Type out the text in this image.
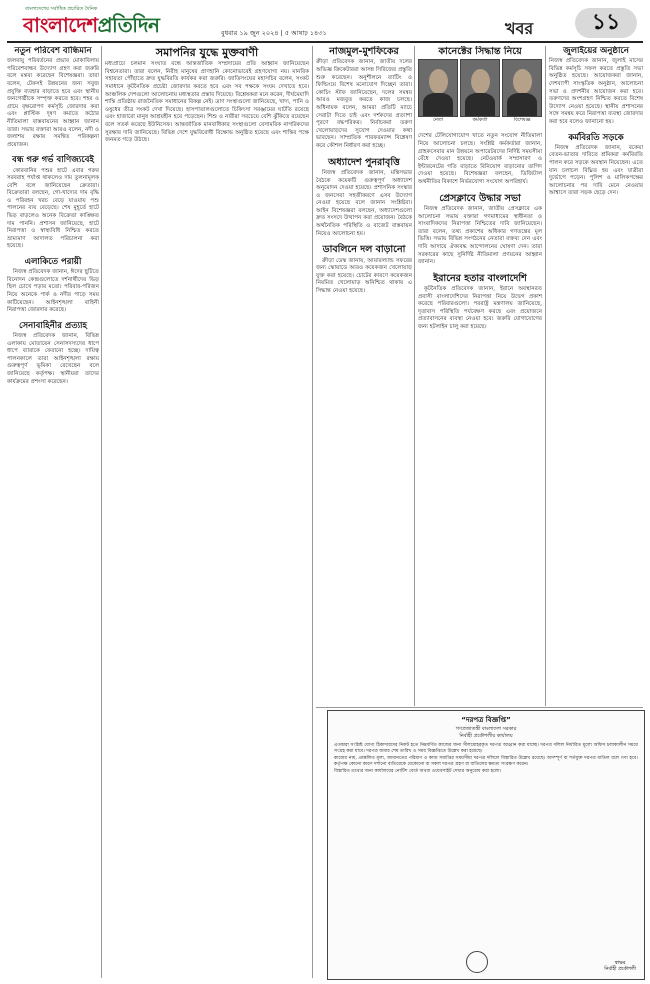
বাংলাদেশের সর্বাধিক প্রচারিত দৈনিক
বাংলাদেশপ্রতিদিন	বুধবার ১৯ জুন ২০২৪ | ৫ আষাঢ় ১৪৩১	খবর	১১
নতুন পরিবেশ বান্ধিমান

জলবায়ু পরিবর্তনের প্রভাব মোকাবিলায় পরিবেশবান্ধব উদ্যোগ গ্রহণ করা জরুরি বলে মন্তব্য করেছেন বিশেষজ্ঞরা। তারা বলেন, টেকসই উন্নয়নের জন্য সবুজ প্রযুক্তি ব্যবহার বাড়াতে হবে এবং স্থানীয় জনগোষ্ঠীকে সম্পৃক্ত করতে হবে। শহর ও গ্রামে বৃক্ষরোপণ কর্মসূচি জোরদার করা এবং প্লাস্টিক দূষণ কমাতে কঠোর নীতিমালা বাস্তবায়নের আহ্বান জানান তারা। সভায় বক্তারা আরও বলেন, নদী ও জলাশয় রক্ষায় সমন্বিত পরিকল্পনা প্রয়োজন।

বন্ধ গরু গর্ভ বাণিজ্যবেই

কোরবানির পশুর হাটে এবার গরুর সরবরাহ পর্যাপ্ত থাকলেও দাম তুলনামূলক বেশি বলে জানিয়েছেন ক্রেতারা। বিক্রেতারা বলছেন, গো-খাদ্যের দাম বৃদ্ধি ও পরিবহন খরচ বেড়ে যাওয়ায় পশু পালনের ব্যয় বেড়েছে। শেষ মুহূর্তে হাটে ভিড় বাড়লেও অনেক বিক্রেতা কাঙ্ক্ষিত দাম পাননি। প্রশাসন জানিয়েছে, হাটে নিরাপত্তা ও স্বাস্থ্যবিধি নিশ্চিত করতে ভ্রাম্যমাণ আদালত পরিচালনা করা হয়েছে।

এলাকিতে পরায়ী

নিজস্ব প্রতিবেদক জানান, ঈদের ছুটিতে বিনোদন কেন্দ্রগুলোতে দর্শনার্থীদের ভিড় ছিল চোখে পড়ার মতো। পরিবার-পরিজন নিয়ে অনেকে পার্ক ও নদীর পাড়ে সময় কাটিয়েছেন। আইনশৃঙ্খলা বাহিনী নিরাপত্তা জোরদার করেছে।

সেনাবাহিনীর প্রত্যাহ

নিজস্ব প্রতিবেদক জানান, বিভিন্ন এলাকায় মোতায়েন সেনাসদস্যদের ধাপে ধাপে ব্যারাকে ফেরানো হচ্ছে। দায়িত্ব পালনকালে তারা আইনশৃঙ্খলা রক্ষায় গুরুত্বপূর্ণ ভূমিকা রেখেছেন বলে জানিয়েছে কর্তৃপক্ষ। স্থানীয়রা তাদের কার্যক্রমের প্রশংসা করেছেন।

সমাপনির যুদ্ধে মুক্তবাণী

মধ্যপ্রাচ্যে চলমান সংঘাত বন্ধে আন্তর্জাতিক সম্প্রদায়ের প্রতি আহ্বান জানিয়েছেন বিশ্বনেতারা। তারা বলেন, নিরীহ মানুষের প্রাণহানি কোনোভাবেই গ্রহণযোগ্য নয়। মানবিক সহায়তা পৌঁছাতে দ্রুত যুদ্ধবিরতি কার্যকর করা জরুরি। জাতিসংঘের মহাসচিব বলেন, সংকট সমাধানে কূটনৈতিক প্রচেষ্টা জোরদার করতে হবে এবং সব পক্ষকে সংযম দেখাতে হবে। আঞ্চলিক দেশগুলো আলোচনায় মধ্যস্থতার প্রস্তাব দিয়েছে। বিশ্লেষকরা মনে করেন, দীর্ঘমেয়াদি শান্তি প্রতিষ্ঠায় রাজনৈতিক সমাধানের বিকল্প নেই। ত্রাণ সংস্থাগুলো জানিয়েছে, খাদ্য, পানি ও ওষুধের তীব্র সংকট দেখা দিয়েছে। হাসপাতালগুলোতে চিকিৎসা সরঞ্জামের ঘাটতি রয়েছে এবং হাজারো মানুষ আশ্রয়হীন হয়ে পড়েছেন। শিশু ও নারীরা সবচেয়ে বেশি ঝুঁকিতে রয়েছেন বলে সতর্ক করেছে ইউনিসেফ। আন্তর্জাতিক মানবাধিকার সংস্থাগুলো বেসামরিক নাগরিকদের সুরক্ষার দাবি জানিয়েছে। বিভিন্ন দেশে যুদ্ধবিরোধী বিক্ষোভ অনুষ্ঠিত হয়েছে এবং শান্তির পক্ষে জনমত গড়ে উঠছে।

নাজমুল-মুশফিকের

ক্রীড়া প্রতিবেদক জানান, জাতীয় দলের অভিজ্ঞ ক্রিকেটাররা আসন্ন সিরিজের প্রস্তুতি শুরু করেছেন। অনুশীলনে ব্যাটিং ও ফিল্ডিংয়ে বিশেষ মনোযোগ দিচ্ছেন তারা। কোচিং স্টাফ জানিয়েছেন, দলের সমন্বয় আরও মজবুত করতে কাজ চলছে। অধিনায়ক বলেন, আমরা প্রতিটি ম্যাচে সেরাটা দিতে চাই এবং দর্শকদের প্রত্যাশা পূরণে বদ্ধপরিকর। নির্বাচকরা তরুণ খেলোয়াড়দের সুযোগ দেওয়ার কথা ভাবছেন। সাম্প্রতিক পারফরম্যান্স বিশ্লেষণ করে কৌশল নির্ধারণ করা হচ্ছে।

অধ্যাদেশ পুনরাবৃত্তি

নিজস্ব প্রতিবেদক জানান, মন্ত্রিসভার বৈঠকে কয়েকটি গুরুত্বপূর্ণ অধ্যাদেশ অনুমোদন দেওয়া হয়েছে। প্রশাসনিক সংস্কার ও জনসেবা সহজীকরণে এসব উদ্যোগ নেওয়া হয়েছে বলে জানান সংশ্লিষ্টরা। আইন বিশেষজ্ঞরা বলছেন, অধ্যাদেশগুলো দ্রুত সংসদে উত্থাপন করা প্রয়োজন। বৈঠকে অর্থনৈতিক পরিস্থিতি ও বাজেট বাস্তবায়ন নিয়েও আলোচনা হয়।

ডাবলিনে দল বাড়ানো

ক্রীড়া ডেস্ক জানায়, আয়ারল্যান্ড সফরের জন্য স্কোয়াডে আরও কয়েকজন খেলোয়াড় যুক্ত করা হয়েছে। চোটের কারণে কয়েকজন নিয়মিত খেলোয়াড় অনিশ্চিত থাকায় এ সিদ্ধান্ত নেওয়া হয়েছে।

কানেক্টের সিদ্ধান্ত নিয়ে
নেতা	কর্মকর্তা	বিশেষজ্ঞ

দেশের টেলিযোগাযোগ খাতে নতুন সংযোগ নীতিমালা নিয়ে আলোচনা চলছে। সংশ্লিষ্ট কর্মকর্তারা জানান, গ্রাহকসেবার মান উন্নয়নে অপারেটরদের নির্দিষ্ট সময়সীমা বেঁধে দেওয়া হয়েছে। নেটওয়ার্ক সম্প্রসারণ ও ইন্টারনেটের গতি বাড়াতে বিনিয়োগ বাড়ানোর তাগিদ দেওয়া হয়েছে। বিশেষজ্ঞরা বলছেন, ডিজিটাল অর্থনীতির বিকাশে নির্ভরযোগ্য সংযোগ অপরিহার্য।

প্রেসক্লাবে উদ্ধার সভা

নিজস্ব প্রতিবেদক জানান, জাতীয় প্রেসক্লাবে এক আলোচনা সভায় বক্তারা গণমাধ্যমের স্বাধীনতা ও সাংবাদিকদের নিরাপত্তা নিশ্চিতের দাবি জানিয়েছেন। তারা বলেন, তথ্য প্রকাশের অধিকার গণতন্ত্রের মূল ভিত্তি। সভায় বিভিন্ন সংগঠনের নেতারা বক্তব্য দেন এবং দাবি আদায়ে ঐক্যবদ্ধ আন্দোলনের ঘোষণা দেন। তারা সরকারের কাছে সুনির্দিষ্ট নীতিমালা প্রণয়নের আহ্বান জানান।

ইরানের হতার বাংলাদেশি

কূটনৈতিক প্রতিবেদক জানান, ইরানে অবস্থানরত প্রবাসী বাংলাদেশিদের নিরাপত্তা নিয়ে উদ্বেগ প্রকাশ করেছে পরিবারগুলো। পররাষ্ট্র মন্ত্রণালয় জানিয়েছে, দূতাবাস পরিস্থিতি পর্যবেক্ষণ করছে এবং প্রয়োজনে প্রত্যাবাসনের ব্যবস্থা নেওয়া হবে। জরুরি যোগাযোগের জন্য হটলাইন চালু করা হয়েছে।

জুলাইয়ের অনুষ্ঠানে

নিজস্ব প্রতিবেদক জানান, জুলাই মাসের বিভিন্ন কর্মসূচি সফল করতে প্রস্তুতি সভা অনুষ্ঠিত হয়েছে। আয়োজকরা জানান, দেশব্যাপী সাংস্কৃতিক অনুষ্ঠান, আলোচনা সভা ও প্রদর্শনীর আয়োজন করা হবে। তরুণদের অংশগ্রহণ নিশ্চিত করতে বিশেষ উদ্যোগ নেওয়া হয়েছে। স্থানীয় প্রশাসনের সঙ্গে সমন্বয় করে নিরাপত্তা ব্যবস্থা জোরদার করা হবে বলেও জানানো হয়।

কর্মবিরতি সড়কে

নিজস্ব প্রতিবেদক জানান, বকেয়া বেতন-ভাতার দাবিতে শ্রমিকরা কর্মবিরতি পালন করে সড়কে অবস্থান নিয়েছেন। এতে যান চলাচল বিঘ্নিত হয় এবং যাত্রীরা দুর্ভোগে পড়েন। পুলিশ ও মালিকপক্ষের আলোচনার পর দাবি মেনে নেওয়ার আশ্বাসে তারা সড়ক ছেড়ে দেন।

“দরপত্র বিজ্ঞপ্তি”
গণপ্রজাতন্ত্রী বাংলাদেশ সরকার
নির্বাহী প্রকৌশলীর কার্যালয়

এতদ্বারা সংশ্লিষ্ট যোগ্য ঠিকাদারদের নিকট হতে নিম্নবর্ণিত কাজের জন্য সীলমোহরকৃত দরপত্র আহ্বান করা যাচ্ছে। দরপত্র দলিল নির্ধারিত মূল্যে অফিস চলাকালীন সময়ে সংগ্রহ করা যাবে। দরপত্র জমার শেষ তারিখ ও সময় বিজ্ঞপ্তিতে উল্লেখ করা হয়েছে।

কাজের নাম, প্রাক্কলিত মূল্য, জামানতের পরিমাণ ও কাজ সমাপ্তির সময়সীমা দরপত্র দলিলে বিস্তারিত উল্লেখ রয়েছে। অসম্পূর্ণ বা শর্তযুক্ত দরপত্র বাতিল বলে গণ্য হবে। কর্তৃপক্ষ কোনো কারণ দর্শানো ব্যতিরেকে যেকোনো বা সকল দরপত্র গ্রহণ বা বাতিলের ক্ষমতা সংরক্ষণ করেন।

বিস্তারিত তথ্যের জন্য কার্যালয়ের নোটিশ বোর্ড অথবা ওয়েবসাইট দেখার অনুরোধ করা হলো।

স্বাক্ষর
নির্বাহী প্রকৌশলী
